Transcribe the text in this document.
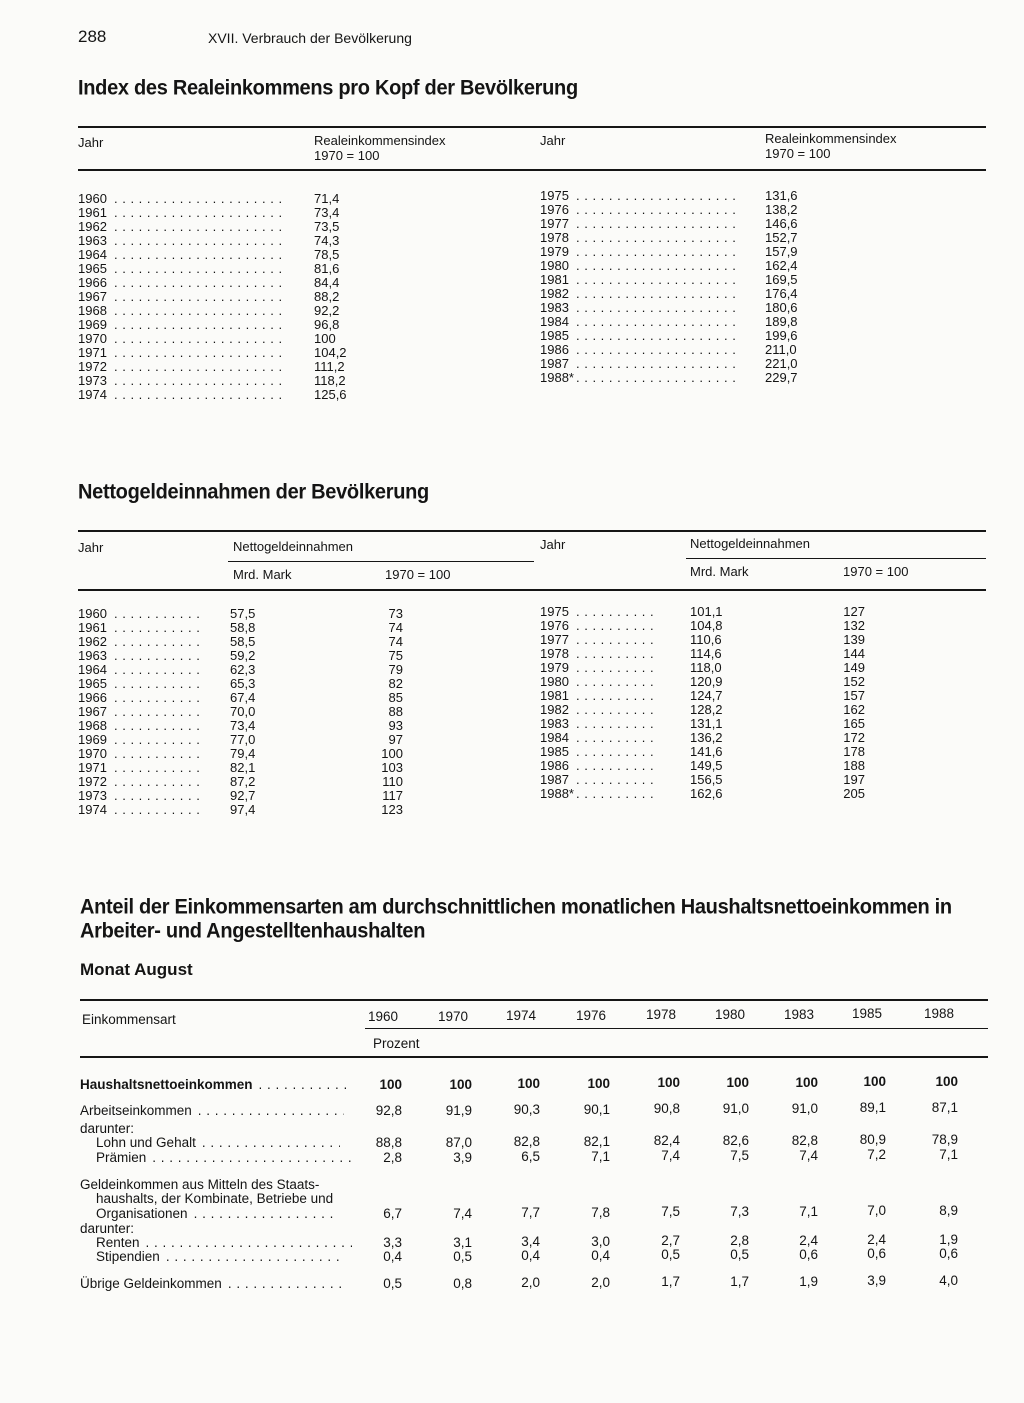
288	XVII. Verbrauch der Bevölkerung
Index des Realeinkommens pro Kopf der Bevölkerung
Jahr	Realeinkommensindex
1970 = 100
Jahr	Realeinkommensindex
1970 = 100
1960 . . .	71,4
1961 . . .	73,4
1962 . . .	73,5
1963 . . .	74,3
1964 . . .	78,5
1965 . . .	81,6
1966 . . .	84,4
1967 . . .	88,2
1968 . . .	92,2
1969 . . .	96,8
1970 . . .	100
1971 . . .	104,2
1972 . . .	111,2
1973 . . .	118,2
1974 . . .	125,6
1975 . . .	131,6
1976 . . .	138,2
1977 . . .	146,6
1978 . . .	152,7
1979 . . .	157,9
1980 . . .	162,4
1981 . . .	169,5
1982 . . .	176,4
1983 . . .	180,6
1984 . . .	189,8
1985 . . .	199,6
1986 . . .	211,0
1987 . . .	221,0
1988* . . .	229,7
Nettogeldeinnahmen der Bevölkerung
Jahr	Nettogeldeinnahmen
Mrd. Mark	1970 = 100
Jahr	Nettogeldeinnahmen
Mrd. Mark	1970 = 100
1960 . . .	57,5	73
1961 . . .	58,8	74
1962 . . .	58,5	74
1963 . . .	59,2	75
1964 . . .	62,3	79
1965 . . .	65,3	82
1966 . . .	67,4	85
1967 . . .	70,0	88
1968 . . .	73,4	93
1969 . . .	77,0	97
1970 . . .	79,4	100
1971 . . .	82,1	103
1972 . . .	87,2	110
1973 . . .	92,7	117
1974 . . .	97,4	123
1975 . . .	101,1	127
1976 . . .	104,8	132
1977 . . .	110,6	139
1978 . . .	114,6	144
1979 . . .	118,0	149
1980 . . .	120,9	152
1981 . . .	124,7	157
1982 . . .	128,2	162
1983 . . .	131,1	165
1984 . . .	136,2	172
1985 . . .	141,6	178
1986 . . .	149,5	188
1987 . . .	156,5	197
1988* . . .	162,6	205
Anteil der Einkommensarten am durchschnittlichen monatlichen Haushaltsnettoeinkommen in
Arbeiter- und Angestelltenhaushalten
Monat August
Einkommensart	1960	1970	1974	1976	1978	1980	1983	1985	1988
Prozent
Haushaltsnettoeinkommen . . .	100	100	100	100	100	100	100	100	100
Arbeitseinkommen . . .	92,8	91,9	90,3	90,1	90,8	91,0	91,0	89,1	87,1
darunter:
Lohn und Gehalt . . .	88,8	87,0	82,8	82,1	82,4	82,6	82,8	80,9	78,9
Prämien . . .	2,8	3,9	6,5	7,1	7,4	7,5	7,4	7,2	7,1
Geldeinkommen aus Mitteln des Staats-
haushalts, der Kombinate, Betriebe und
Organisationen . . .	6,7	7,4	7,7	7,8	7,5	7,3	7,1	7,0	8,9
darunter:
Renten . . .	3,3	3,1	3,4	3,0	2,7	2,8	2,4	2,4	1,9
Stipendien . . .	0,4	0,5	0,4	0,4	0,5	0,5	0,6	0,6	0,6
Übrige Geldeinkommen . . .	0,5	0,8	2,0	2,0	1,7	1,7	1,9	3,9	4,0
